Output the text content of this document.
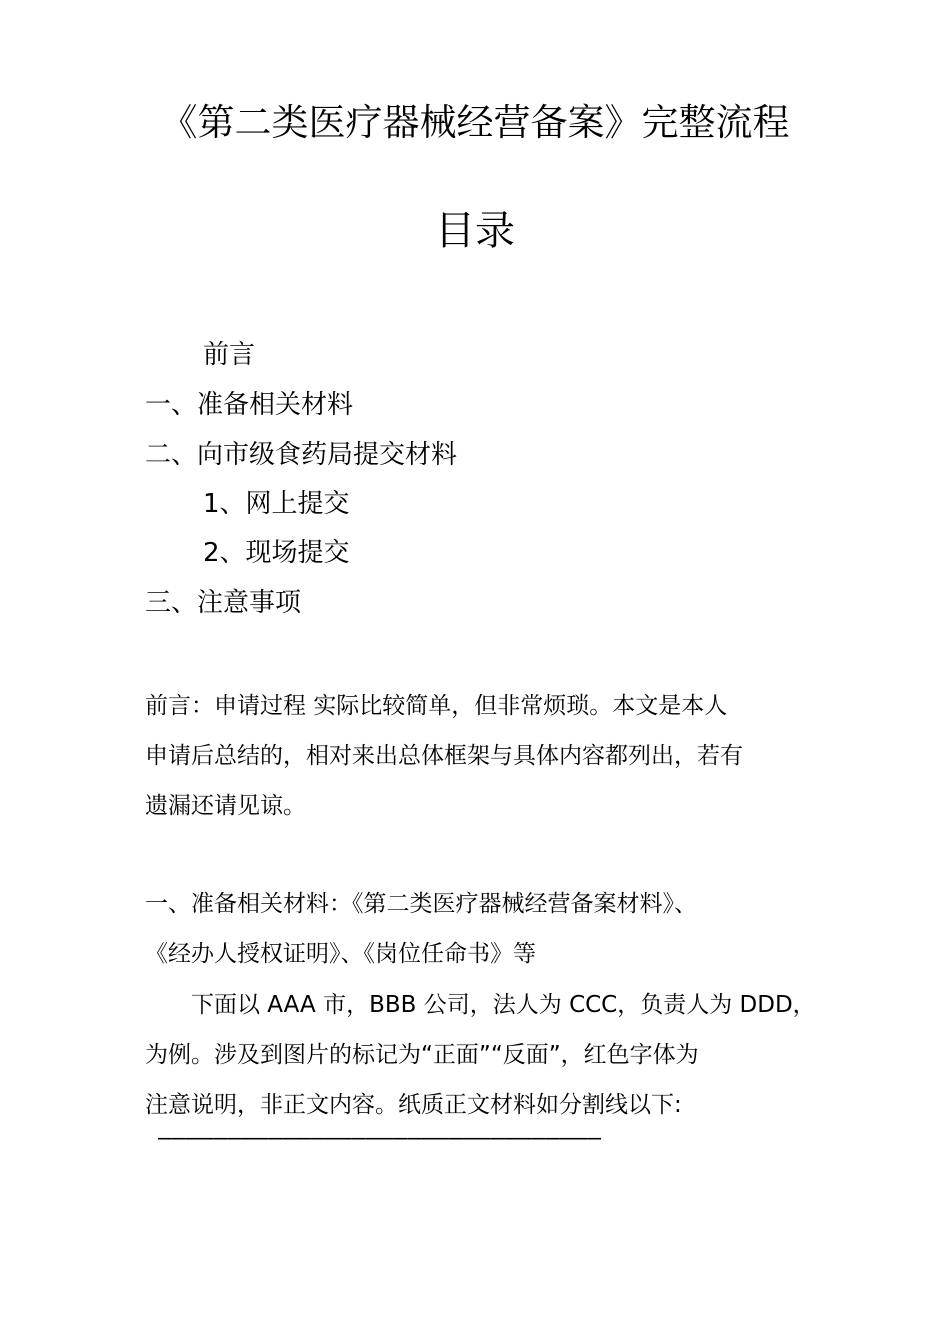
《第二类医疗器械经营备案》完整流程
目录
前言
一、准备相关材料
二、向市级食药局提交材料
1、网上提交
2、现场提交
三、注意事项
前言：申请过程 实际比较简单，但非常烦琐。本文是本人
申请后总结的，相对来出总体框架与具体内容都列出，若有
遗漏还请见谅。
一、准备相关材料：《第二类医疗器械经营备案材料》、
《经办人授权证明》、《岗位任命书》等
　　下面以 AAA 市，BBB 公司，法人为 CCC，负责人为 DDD，
为例。涉及到图片的标记为“正面”“反面”，红色字体为
注意说明，非正文内容。纸质正文材料如分割线以下:
————————————————————————————————
